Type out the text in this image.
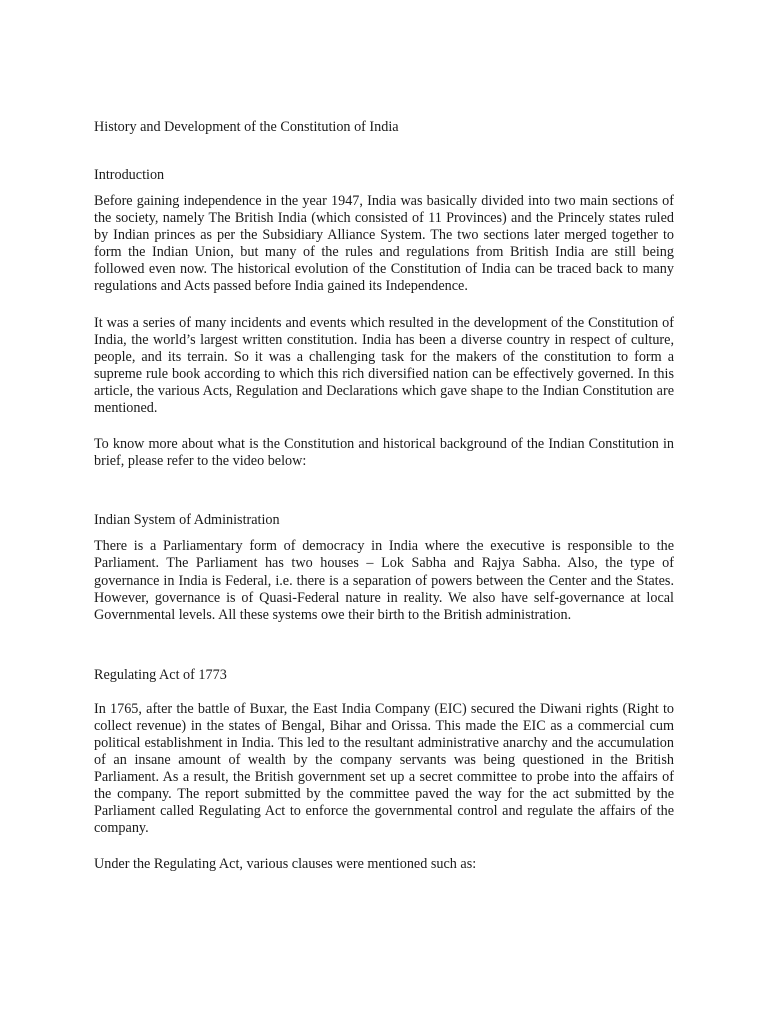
History and Development of the Constitution of India

Introduction

Before gaining independence in the year 1947, India was basically divided into two main sections of the society, namely The British India (which consisted of 11 Provinces) and the Princely states ruled by Indian princes as per the Subsidiary Alliance System. The two sections later merged together to form the Indian Union, but many of the rules and regulations from British India are still being followed even now. The historical evolution of the Constitution of India can be traced back to many regulations and Acts passed before India gained its Independence.

It was a series of many incidents and events which resulted in the development of the Constitution of India, the world’s largest written constitution. India has been a diverse country in respect of culture, people, and its terrain. So it was a challenging task for the makers of the constitution to form a supreme rule book according to which this rich diversified nation can be effectively governed. In this article, the various Acts, Regulation and Declarations which gave shape to the Indian Constitution are mentioned.

To know more about what is the Constitution and historical background of the Indian Constitution in brief, please refer to the video below:

Indian System of Administration

There is a Parliamentary form of democracy in India where the executive is responsible to the Parliament. The Parliament has two houses – Lok Sabha and Rajya Sabha. Also, the type of governance in India is Federal, i.e. there is a separation of powers between the Center and the States. However, governance is of Quasi-Federal nature in reality. We also have self-governance at local Governmental levels. All these systems owe their birth to the British administration.

Regulating Act of 1773

In 1765, after the battle of Buxar, the East India Company (EIC) secured the Diwani rights (Right to collect revenue) in the states of Bengal, Bihar and Orissa. This made the EIC as a commercial cum political establishment in India. This led to the resultant administrative anarchy and the accumulation of an insane amount of wealth by the company servants was being questioned in the British Parliament. As a result, the British government set up a secret committee to probe into the affairs of the company. The report submitted by the committee paved the way for the act submitted by the Parliament called Regulating Act to enforce the governmental control and regulate the affairs of the company.

Under the Regulating Act, various clauses were mentioned such as:
